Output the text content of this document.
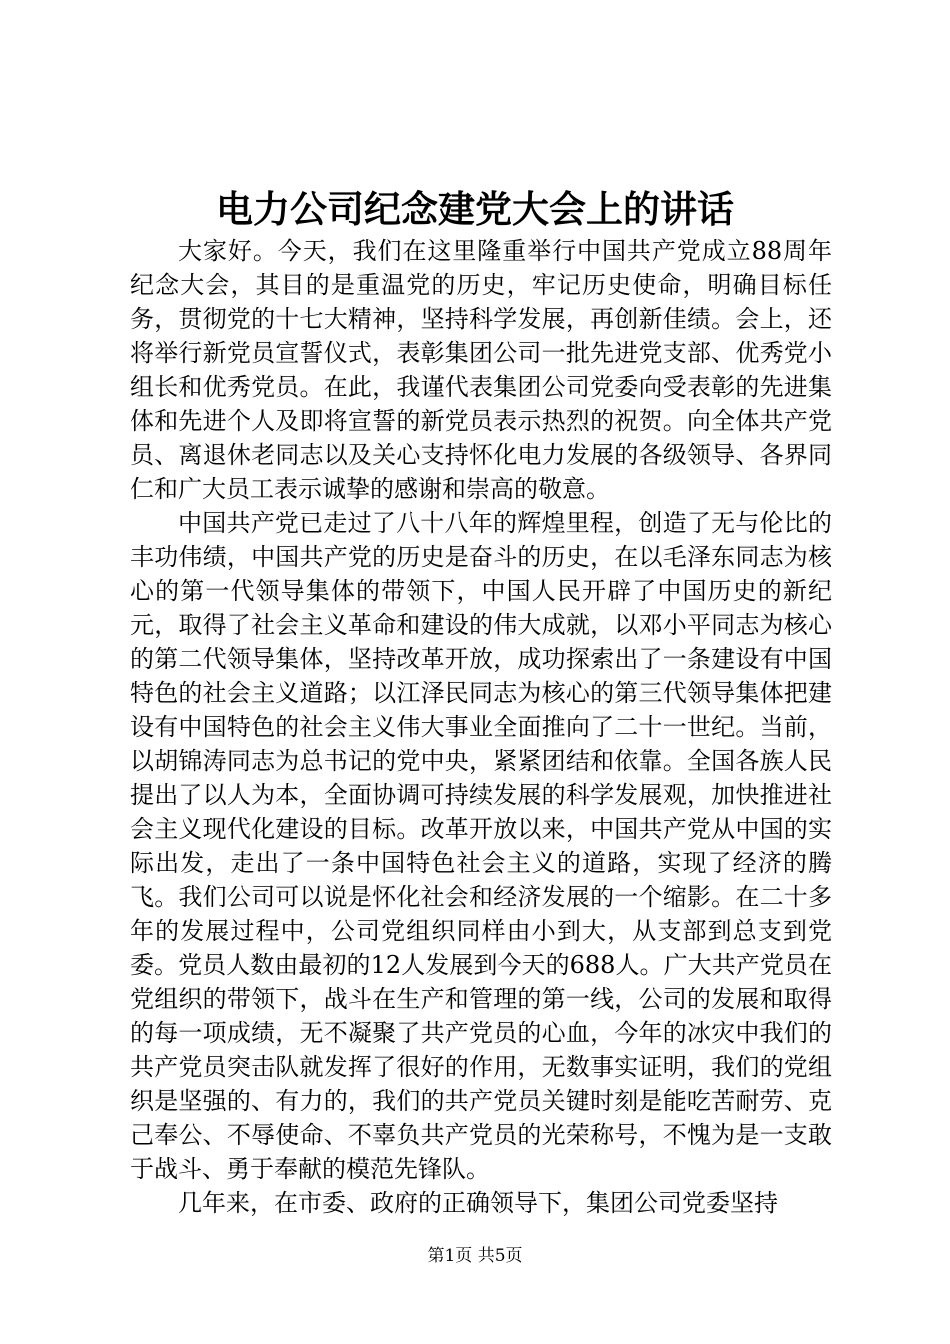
电力公司纪念建党大会上的讲话

大家好。今天，我们在这里隆重举行中国共产党成立88周年纪念大会，其目的是重温党的历史，牢记历史使命，明确目标任务，贯彻党的十七大精神，坚持科学发展，再创新佳绩。会上，还将举行新党员宣誓仪式，表彰集团公司一批先进党支部、优秀党小组长和优秀党员。在此，我谨代表集团公司党委向受表彰的先进集体和先进个人及即将宣誓的新党员表示热烈的祝贺。向全体共产党员、离退休老同志以及关心支持怀化电力发展的各级领导、各界同仁和广大员工表示诚挚的感谢和崇高的敬意。

中国共产党已走过了八十八年的辉煌里程，创造了无与伦比的丰功伟绩，中国共产党的历史是奋斗的历史，在以毛泽东同志为核心的第一代领导集体的带领下，中国人民开辟了中国历史的新纪元，取得了社会主义革命和建设的伟大成就，以邓小平同志为核心的第二代领导集体，坚持改革开放，成功探索出了一条建设有中国特色的社会主义道路；以江泽民同志为核心的第三代领导集体把建设有中国特色的社会主义伟大事业全面推向了二十一世纪。当前，以胡锦涛同志为总书记的党中央，紧紧团结和依靠。全国各族人民提出了以人为本，全面协调可持续发展的科学发展观，加快推进社会主义现代化建设的目标。改革开放以来，中国共产党从中国的实际出发，走出了一条中国特色社会主义的道路，实现了经济的腾飞。我们公司可以说是怀化社会和经济发展的一个缩影。在二十多年的发展过程中，公司党组织同样由小到大，从支部到总支到党委。党员人数由最初的12人发展到今天的688人。广大共产党员在党组织的带领下，战斗在生产和管理的第一线，公司的发展和取得的每一项成绩，无不凝聚了共产党员的心血，今年的冰灾中我们的共产党员突击队就发挥了很好的作用，无数事实证明，我们的党组织是坚强的、有力的，我们的共产党员关键时刻是能吃苦耐劳、克己奉公、不辱使命、不辜负共产党员的光荣称号，不愧为是一支敢于战斗、勇于奉献的模范先锋队。

几年来，在市委、政府的正确领导下，集团公司党委坚持

第1页 共5页
